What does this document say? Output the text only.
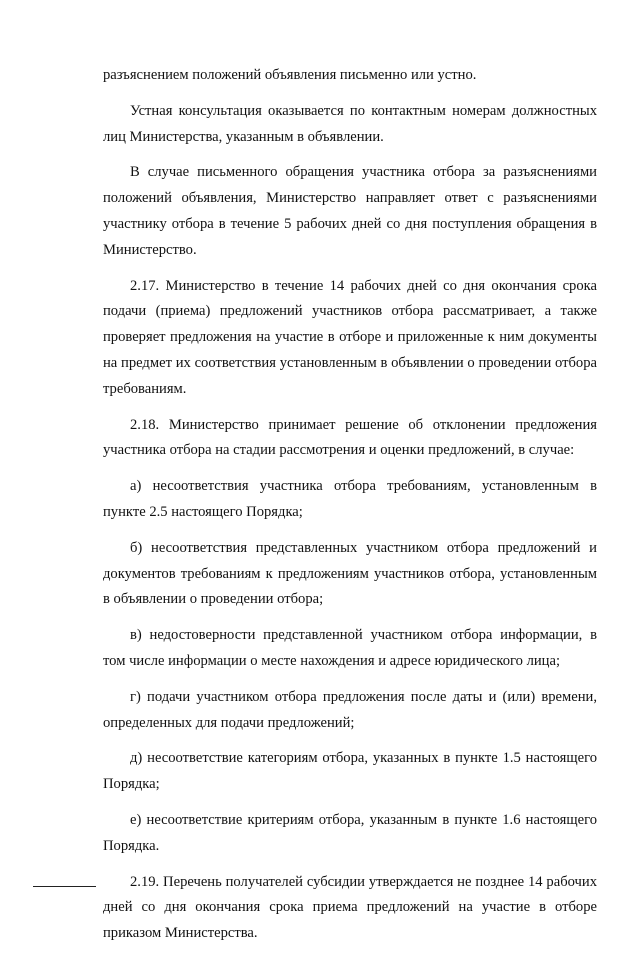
разъяснением положений объявления письменно или устно.

Устная консультация оказывается по контактным номерам должностных лиц Министерства, указанным в объявлении.

В случае письменного обращения участника отбора за разъяснениями положений объявления, Министерство направляет ответ с разъяснениями участнику отбора в течение 5 рабочих дней со дня поступления обращения в Министерство.

2.17. Министерство в течение 14 рабочих дней со дня окончания срока подачи (приема) предложений участников отбора рассматривает, а также проверяет предложения на участие в отборе и приложенные к ним документы на предмет их соответствия установленным в объявлении о проведении отбора требованиям.

2.18. Министерство принимает решение об отклонении предложения участника отбора на стадии рассмотрения и оценки предложений, в случае:

а) несоответствия участника отбора требованиям, установленным в пункте 2.5 настоящего Порядка;

б) несоответствия представленных участником отбора предложений и документов требованиям к предложениям участников отбора, установленным в объявлении о проведении отбора;

в) недостоверности представленной участником отбора информации, в том числе информации о месте нахождения и адресе юридического лица;

г) подачи участником отбора предложения после даты и (или) времени, определенных для подачи предложений;

д) несоответствие категориям отбора, указанных в пункте 1.5 настоящего Порядка;

е) несоответствие критериям отбора, указанным в пункте 1.6 настоящего Порядка.

2.19. Перечень получателей субсидии утверждается не позднее 14 рабочих дней со дня окончания срока приема предложений на участие в отборе приказом Министерства.
